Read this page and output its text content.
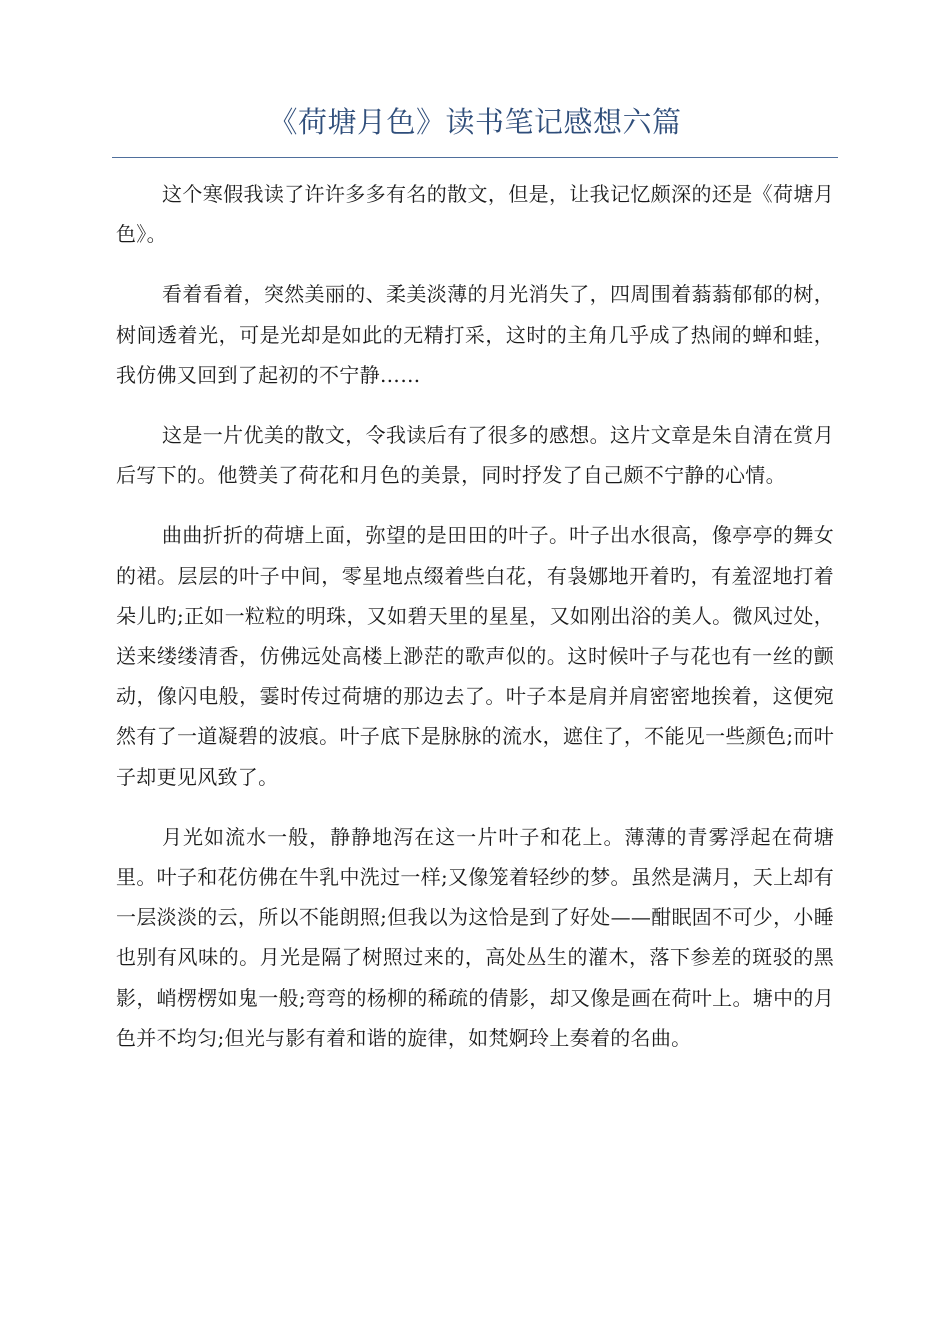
《荷塘月色》读书笔记感想六篇

这个寒假我读了许许多多有名的散文，但是，让我记忆颇深的还是《荷塘月色》。

看着看着，突然美丽的、柔美淡薄的月光消失了，四周围着蓊蓊郁郁的树，树间透着光，可是光却是如此的无精打采，这时的主角几乎成了热闹的蝉和蛙，我仿佛又回到了起初的不宁静……

这是一片优美的散文，令我读后有了很多的感想。这片文章是朱自清在赏月后写下的。他赞美了荷花和月色的美景，同时抒发了自己颇不宁静的心情。

曲曲折折的荷塘上面，弥望的是田田的叶子。叶子出水很高，像亭亭的舞女的裙。层层的叶子中间，零星地点缀着些白花，有袅娜地开着旳，有羞涩地打着朵儿旳;正如一粒粒的明珠，又如碧天里的星星，又如刚出浴的美人。微风过处，送来缕缕清香，仿佛远处高楼上渺茫的歌声似的。这时候叶子与花也有一丝的颤动，像闪电般，霎时传过荷塘的那边去了。叶子本是肩并肩密密地挨着，这便宛然有了一道凝碧的波痕。叶子底下是脉脉的流水，遮住了，不能见一些颜色;而叶子却更见风致了。

月光如流水一般，静静地泻在这一片叶子和花上。薄薄的青雾浮起在荷塘里。叶子和花仿佛在牛乳中洗过一样;又像笼着轻纱的梦。虽然是满月，天上却有一层淡淡的云，所以不能朗照;但我以为这恰是到了好处——酣眠固不可少，小睡也别有风味的。月光是隔了树照过来的，高处丛生的灌木，落下参差的斑驳的黑影，峭楞楞如鬼一般;弯弯的杨柳的稀疏的倩影，却又像是画在荷叶上。塘中的月色并不均匀;但光与影有着和谐的旋律，如梵婀玲上奏着的名曲。
